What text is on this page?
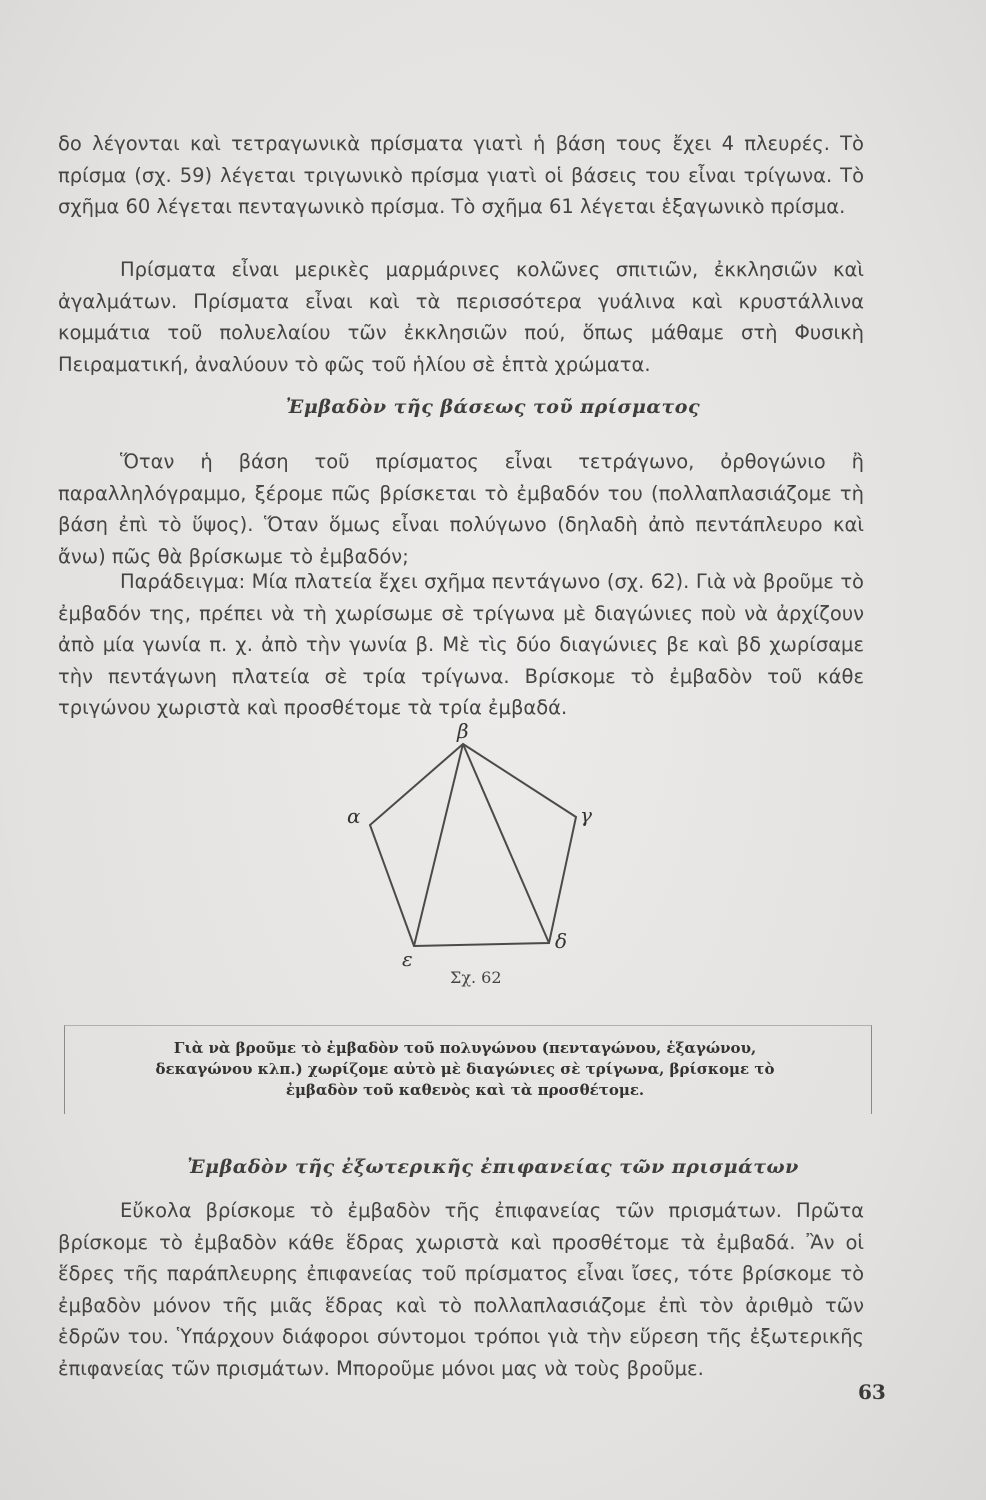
δο λέγονται καὶ τετραγωνικὰ πρίσματα γιατὶ ἡ βάση τους ἔχει 4 πλευρές. Τὸ πρίσμα (σχ. 59) λέγεται τριγωνικὸ πρίσμα γιατὶ οἱ βάσεις του εἶναι τρίγωνα. Τὸ σχῆμα 60 λέγεται πενταγωνικὸ πρίσμα. Τὸ σχῆμα 61 λέγεται ἑξαγωνικὸ πρίσμα.

Πρίσματα εἶναι μερικὲς μαρμάρινες κολῶνες σπιτιῶν, ἐκκλησιῶν καὶ ἀγαλμάτων. Πρίσματα εἶναι καὶ τὰ περισσότερα γυάλινα καὶ κρυστάλλινα κομμάτια τοῦ πολυελαίου τῶν ἐκκλησιῶν πού, ὅπως μάθαμε στὴ Φυσικὴ Πειραματική, ἀναλύουν τὸ φῶς τοῦ ἡλίου σὲ ἑπτὰ χρώματα.

Ἐμβαδὸν τῆς βάσεως τοῦ πρίσματος

Ὅταν ἡ βάση τοῦ πρίσματος εἶναι τετράγωνο, ὀρθογώνιο ἢ παραλληλόγραμμο, ξέρομε πῶς βρίσκεται τὸ ἐμβαδόν του (πολλαπλασιάζομε τὴ βάση ἐπὶ τὸ ὕψος). Ὅταν ὅμως εἶναι πολύγωνο (δηλαδὴ ἀπὸ πεντάπλευρο καὶ ἄνω) πῶς θὰ βρίσκωμε τὸ ἐμβαδόν;

Παράδειγμα: Μία πλατεία ἔχει σχῆμα πεντάγωνο (σχ. 62). Γιὰ νὰ βροῦμε τὸ ἐμβαδόν της, πρέπει νὰ τὴ χωρίσωμε σὲ τρίγωνα μὲ διαγώνιες ποὺ νὰ ἀρχίζουν ἀπὸ μία γωνία π. χ. ἀπὸ τὴν γωνία β. Μὲ τὶς δύο διαγώνιες βε καὶ βδ χωρίσαμε τὴν πεντάγωνη πλατεία σὲ τρία τρίγωνα. Βρίσκομε τὸ ἐμβαδὸν τοῦ κάθε τριγώνου χωριστὰ καὶ προσθέτομε τὰ τρία ἐμβαδά.

β
α	γ
δ
ε
Σχ. 62

Γιὰ νὰ βροῦμε τὸ ἐμβαδὸν τοῦ πολυγώνου (πενταγώνου, ἑξαγώνου, δεκαγώνου κλπ.) χωρίζομε αὐτὸ μὲ διαγώνιες σὲ τρίγωνα, βρίσκομε τὸ ἐμβαδὸν τοῦ καθενὸς καὶ τὰ προσθέτομε.

Ἐμβαδὸν τῆς ἐξωτερικῆς ἐπιφανείας τῶν πρισμάτων

Εὔκολα βρίσκομε τὸ ἐμβαδὸν τῆς ἐπιφανείας τῶν πρισμάτων. Πρῶτα βρίσκομε τὸ ἐμβαδὸν κάθε ἕδρας χωριστὰ καὶ προσθέτομε τὰ ἐμβαδά. Ἂν οἱ ἕδρες τῆς παράπλευρης ἐπιφανείας τοῦ πρίσματος εἶναι ἴσες, τότε βρίσκομε τὸ ἐμβαδὸν μόνον τῆς μιᾶς ἕδρας καὶ τὸ πολλαπλασιάζομε ἐπὶ τὸν ἀριθμὸ τῶν ἑδρῶν του. Ὑπάρχουν διάφοροι σύντομοι τρόποι γιὰ τὴν εὕρεση τῆς ἐξωτερικῆς ἐπιφανείας τῶν πρισμάτων. Μποροῦμε μόνοι μας νὰ τοὺς βροῦμε.

63
